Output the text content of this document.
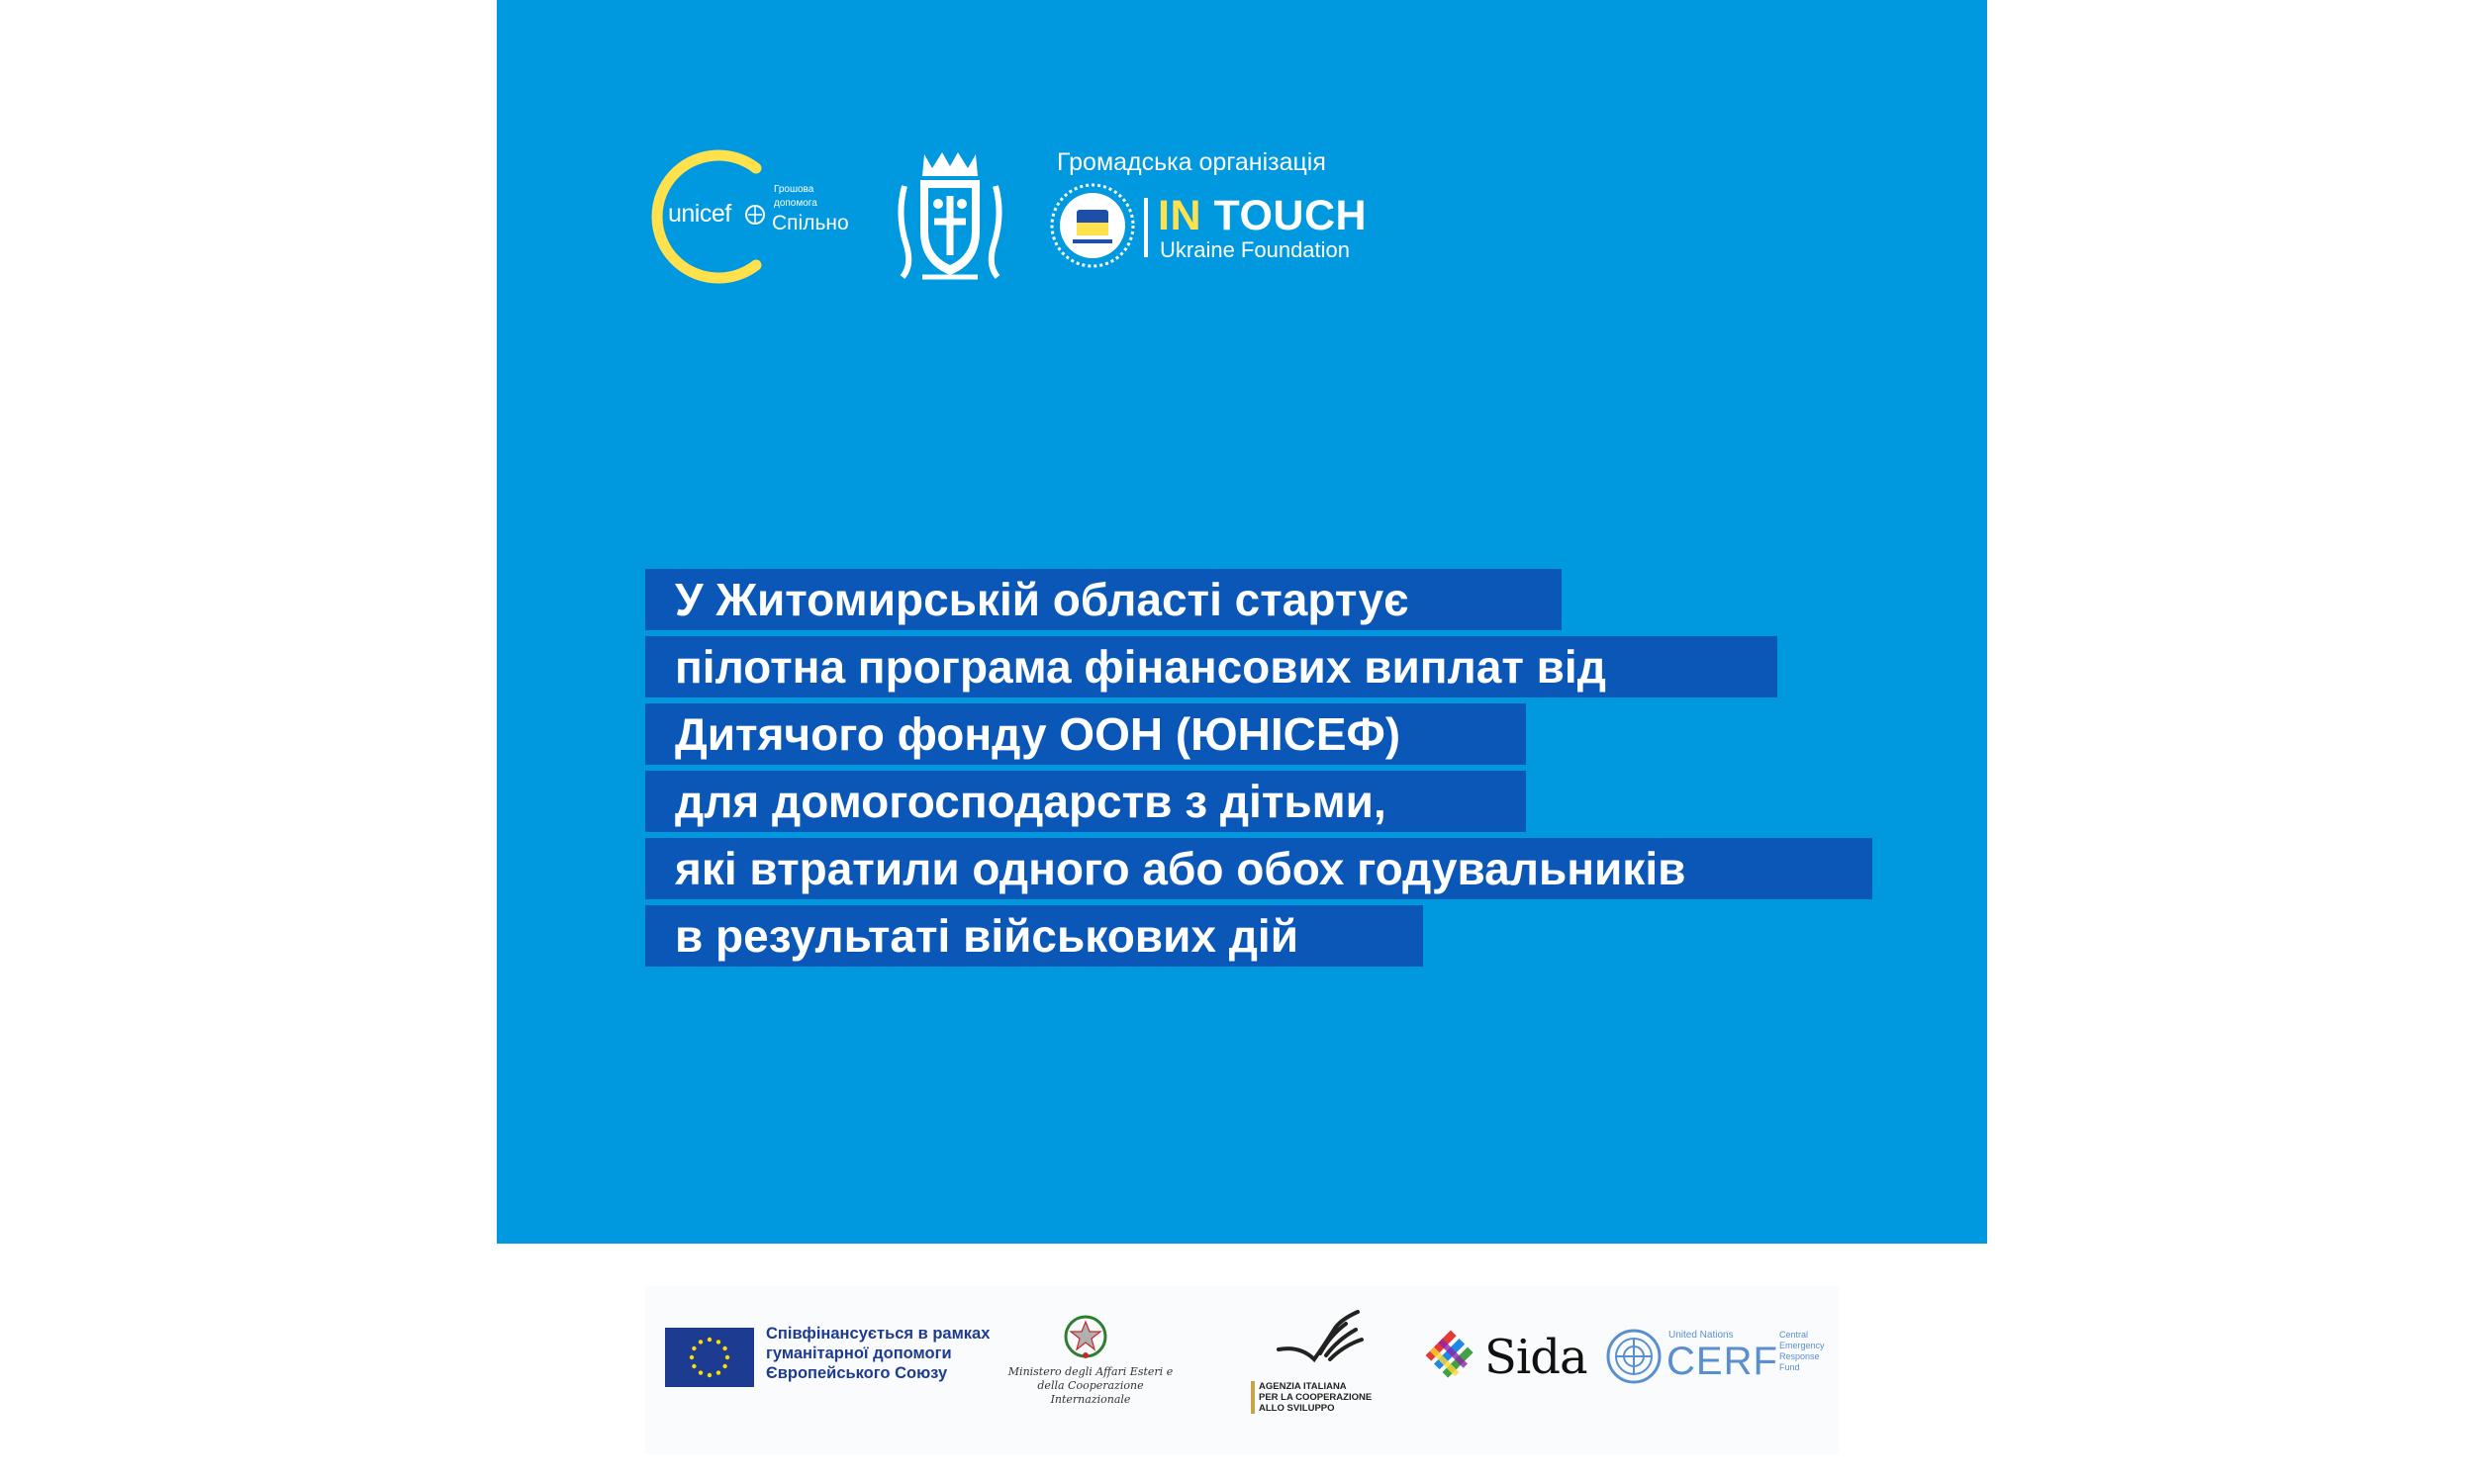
unicef
Грошова
допомога
Спільно
Громадська організація
IN TOUCH
Ukraine Foundation
У Житомирській області стартує
пілотна програма фінансових виплат від
Дитячого фонду ООН (ЮНІСЕФ)
для домогосподарств з дітьми,
які втратили одного або обох годувальників
в результаті військових дій
Співфінансується в рамках гуманітарної допомоги Європейського Союзу	Ministero degli Affari Esteri e della Cooperazione Internazionale
AGENZIA ITALIANA
PER LA COOPERAZIONE
ALLO SVILUPPO
Sida	United Nations
CERF
Central Emergency Response Fund
